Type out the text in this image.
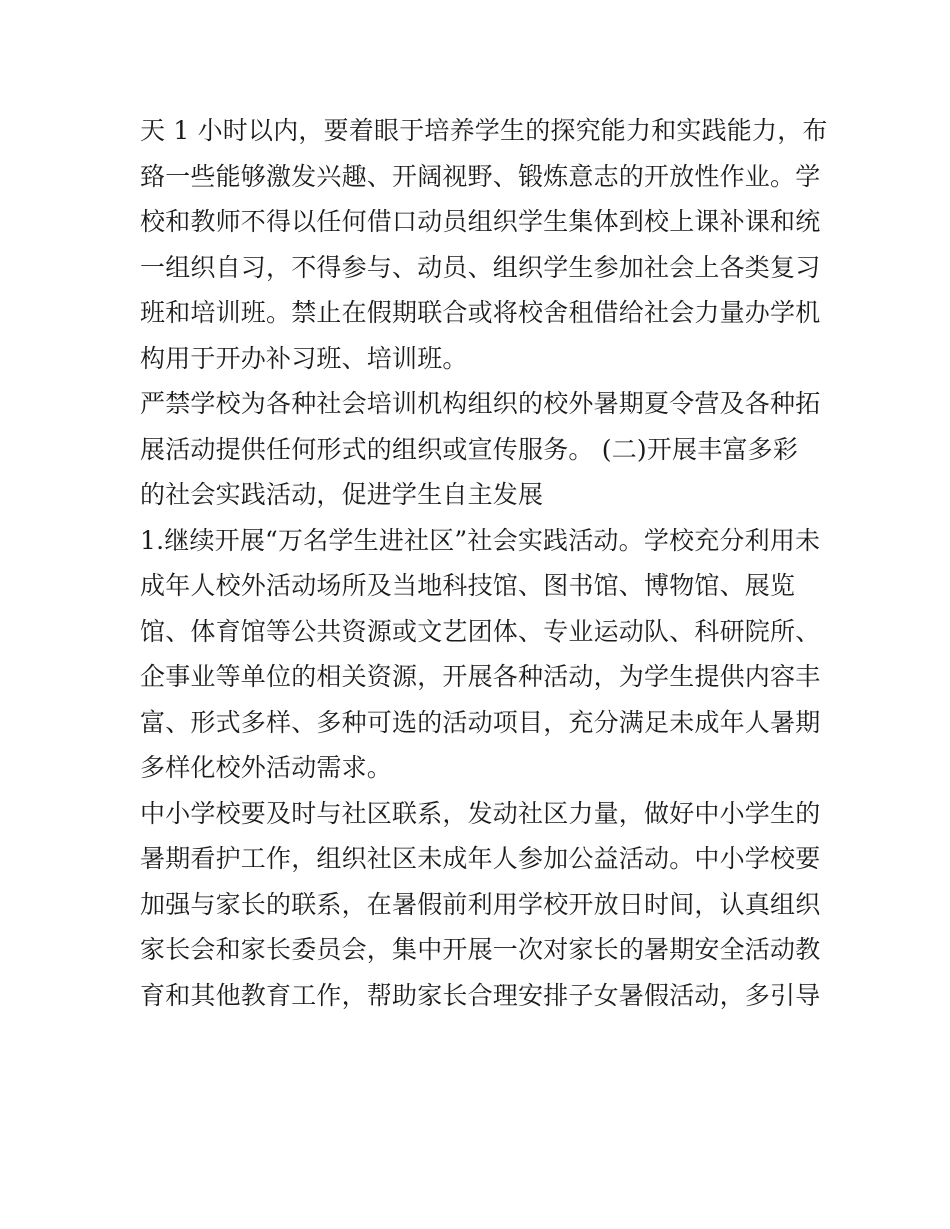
天 1 小时以内，要着眼于培养学生的探究能力和实践能力，布
臵一些能够激发兴趣、开阔视野、锻炼意志的开放性作业。学
校和教师不得以任何借口动员组织学生集体到校上课补课和统
一组织自习，不得参与、动员、组织学生参加社会上各类复习
班和培训班。禁止在假期联合或将校舍租借给社会力量办学机
构用于开办补习班、培训班。
严禁学校为各种社会培训机构组织的校外暑期夏令营及各种拓
展活动提供任何形式的组织或宣传服务。 (二)开展丰富多彩
的社会实践活动，促进学生自主发展
1.继续开展“万名学生进社区”社会实践活动。学校充分利用未
成年人校外活动场所及当地科技馆、图书馆、博物馆、展览
馆、体育馆等公共资源或文艺团体、专业运动队、科研院所、
企事业等单位的相关资源，开展各种活动，为学生提供内容丰
富、形式多样、多种可选的活动项目，充分满足未成年人暑期
多样化校外活动需求。
中小学校要及时与社区联系，发动社区力量，做好中小学生的
暑期看护工作，组织社区未成年人参加公益活动。中小学校要
加强与家长的联系，在暑假前利用学校开放日时间，认真组织
家长会和家长委员会，集中开展一次对家长的暑期安全活动教
育和其他教育工作，帮助家长合理安排子女暑假活动，多引导
